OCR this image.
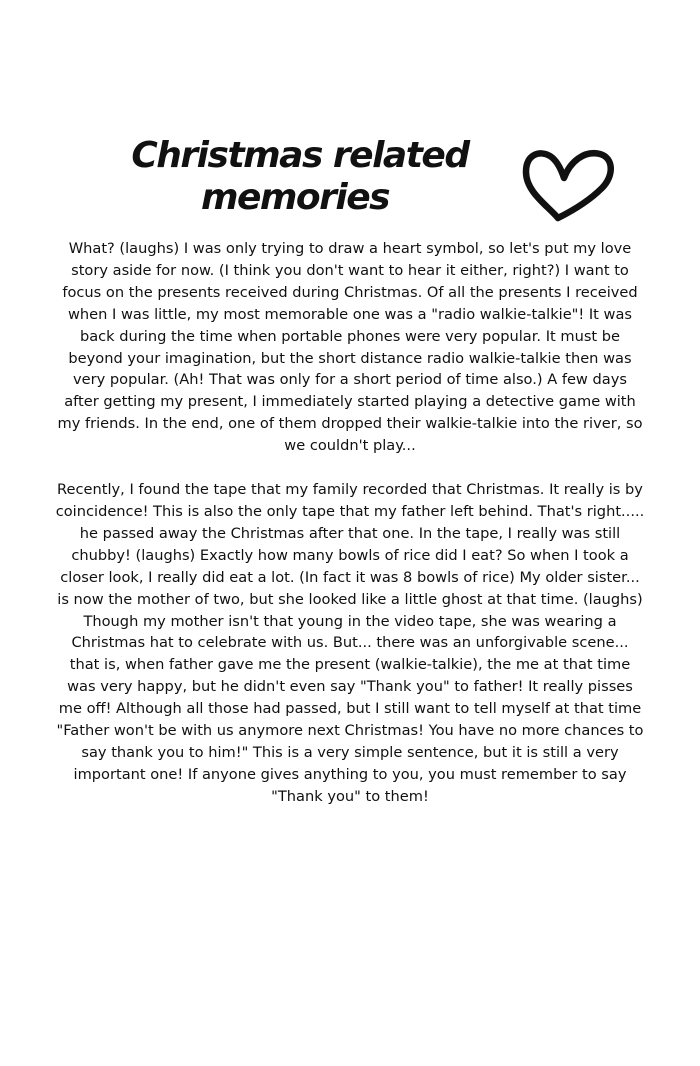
Christmas related
memories

What? (laughs) I was only trying to draw a heart symbol, so let's put my love story aside for now. (I think you don't want to hear it either, right?) I want to focus on the presents received during Christmas. Of all the presents I received when I was little, my most memorable one was a "radio walkie-talkie"! It was back during the time when portable phones were very popular. It must be beyond your imagination, but the short distance radio walkie-talkie then was very popular. (Ah! That was only for a short period of time also.) A few days after getting my present, I immediately started playing a detective game with my friends. In the end, one of them dropped their walkie-talkie into the river, so we couldn't play...

Recently, I found the tape that my family recorded that Christmas. It really is by coincidence! This is also the only tape that my father left behind. That's right..... he passed away the Christmas after that one. In the tape, I really was still chubby! (laughs) Exactly how many bowls of rice did I eat? So when I took a closer look, I really did eat a lot. (In fact it was 8 bowls of rice) My older sister... is now the mother of two, but she looked like a little ghost at that time. (laughs) Though my mother isn't that young in the video tape, she was wearing a Christmas hat to celebrate with us. But... there was an unforgivable scene... that is, when father gave me the present (walkie-talkie), the me at that time was very happy, but he didn't even say "Thank you" to father! It really pisses me off! Although all those had passed, but I still want to tell myself at that time "Father won't be with us anymore next Christmas! You have no more chances to say thank you to him!" This is a very simple sentence, but it is still a very important one! If anyone gives anything to you, you must remember to say "Thank you" to them!
